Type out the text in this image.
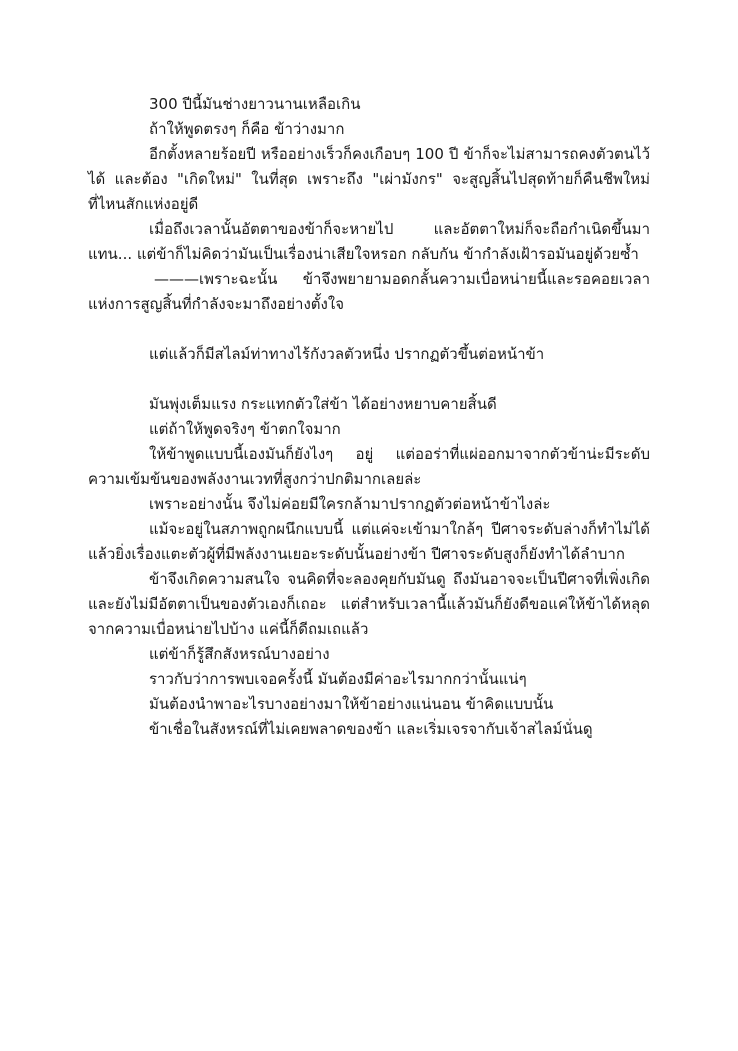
300 ปีนี้มันช่างยาวนานเหลือเกิน

ถ้าให้พูดตรงๆ ก็คือ ข้าว่างมาก

อีกตั้งหลายร้อยปี หรืออย่างเร็วก็คงเกือบๆ 100 ปี ข้าก็จะไม่สามารถคงตัวตนไว้ได้ และต้อง "เกิดใหม่" ในที่สุด เพราะถึง "เผ่ามังกร" จะสูญสิ้นไปสุดท้ายก็คืนชีพใหม่ที่ไหนสักแห่งอยู่ดี

เมื่อถึงเวลานั้นอัตตาของข้าก็จะหายไป และอัตตาใหม่ก็จะถือกำเนิดขึ้นมาแทน... แต่ข้าก็ไม่คิดว่ามันเป็นเรื่องน่าเสียใจหรอก กลับกัน ข้ากำลังเฝ้ารอมันอยู่ด้วยซ้ำ

———เพราะฉะนั้น ข้าจึงพยายามอดกลั้นความเบื่อหน่ายนี้และรอคอยเวลาแห่งการสูญสิ้นที่กำลังจะมาถึงอย่างตั้งใจ

แต่แล้วก็มีสไลม์ท่าทางไร้กังวลตัวหนึ่ง ปรากฏตัวขึ้นต่อหน้าข้า

มันพุ่งเต็มแรง กระแทกตัวใส่ข้า ได้อย่างหยาบคายสิ้นดี

แต่ถ้าให้พูดจริงๆ ข้าตกใจมาก

ให้ข้าพูดแบบนี้เองมันก็ยังไงๆ อยู่ แต่ออร่าที่แผ่ออกมาจากตัวข้าน่ะมีระดับความเข้มข้นของพลังงานเวทที่สูงกว่าปกติมากเลยล่ะ

เพราะอย่างนั้น จึงไม่ค่อยมีใครกล้ามาปรากฏตัวต่อหน้าข้าไงล่ะ

แม้จะอยู่ในสภาพถูกผนึกแบบนี้ แต่แค่จะเข้ามาใกล้ๆ ปีศาจระดับล่างก็ทำไม่ได้ แล้วยิ่งเรื่องแตะตัวผู้ที่มีพลังงานเยอะระดับนั้นอย่างข้า ปีศาจระดับสูงก็ยังทำได้ลำบาก

ข้าจึงเกิดความสนใจ จนคิดที่จะลองคุยกับมันดู ถึงมันอาจจะเป็นปีศาจที่เพิ่งเกิดและยังไม่มีอัตตาเป็นของตัวเองก็เถอะ แต่สำหรับเวลานี้แล้วมันก็ยังดีขอแค่ให้ข้าได้หลุดจากความเบื่อหน่ายไปบ้าง แค่นี้ก็ดีถมเถแล้ว

แต่ข้าก็รู้สึกสังหรณ์บางอย่าง

ราวกับว่าการพบเจอครั้งนี้ มันต้องมีค่าอะไรมากกว่านั้นแน่ๆ

มันต้องนำพาอะไรบางอย่างมาให้ข้าอย่างแน่นอน ข้าคิดแบบนั้น

ข้าเชื่อในสังหรณ์ที่ไม่เคยพลาดของข้า และเริ่มเจรจากับเจ้าสไลม์นั่นดู
